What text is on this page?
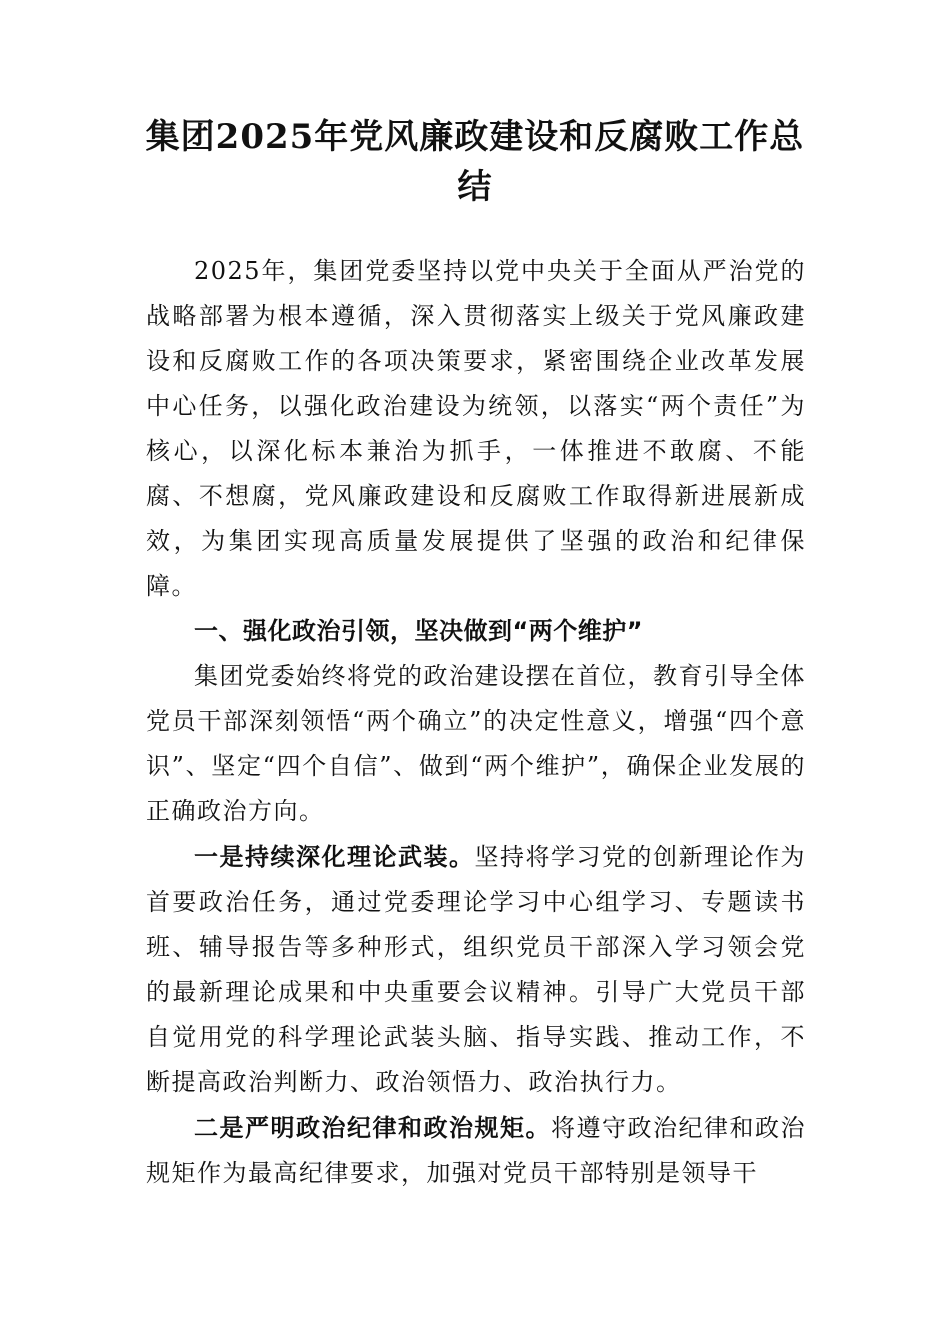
集团2025年党风廉政建设和反腐败工作总结

2025年，集团党委坚持以党中央关于全面从严治党的战略部署为根本遵循，深入贯彻落实上级关于党风廉政建设和反腐败工作的各项决策要求，紧密围绕企业改革发展中心任务，以强化政治建设为统领，以落实“两个责任”为核心，以深化标本兼治为抓手，一体推进不敢腐、不能腐、不想腐，党风廉政建设和反腐败工作取得新进展新成效，为集团实现高质量发展提供了坚强的政治和纪律保障。

一、强化政治引领，坚决做到“两个维护”

集团党委始终将党的政治建设摆在首位，教育引导全体党员干部深刻领悟“两个确立”的决定性意义，增强“四个意识”、坚定“四个自信”、做到“两个维护”，确保企业发展的正确政治方向。

一是持续深化理论武装。坚持将学习党的创新理论作为首要政治任务，通过党委理论学习中心组学习、专题读书班、辅导报告等多种形式，组织党员干部深入学习领会党的最新理论成果和中央重要会议精神。引导广大党员干部自觉用党的科学理论武装头脑、指导实践、推动工作，不断提高政治判断力、政治领悟力、政治执行力。

二是严明政治纪律和政治规矩。将遵守政治纪律和政治规矩作为最高纪律要求，加强对党员干部特别是领导干
